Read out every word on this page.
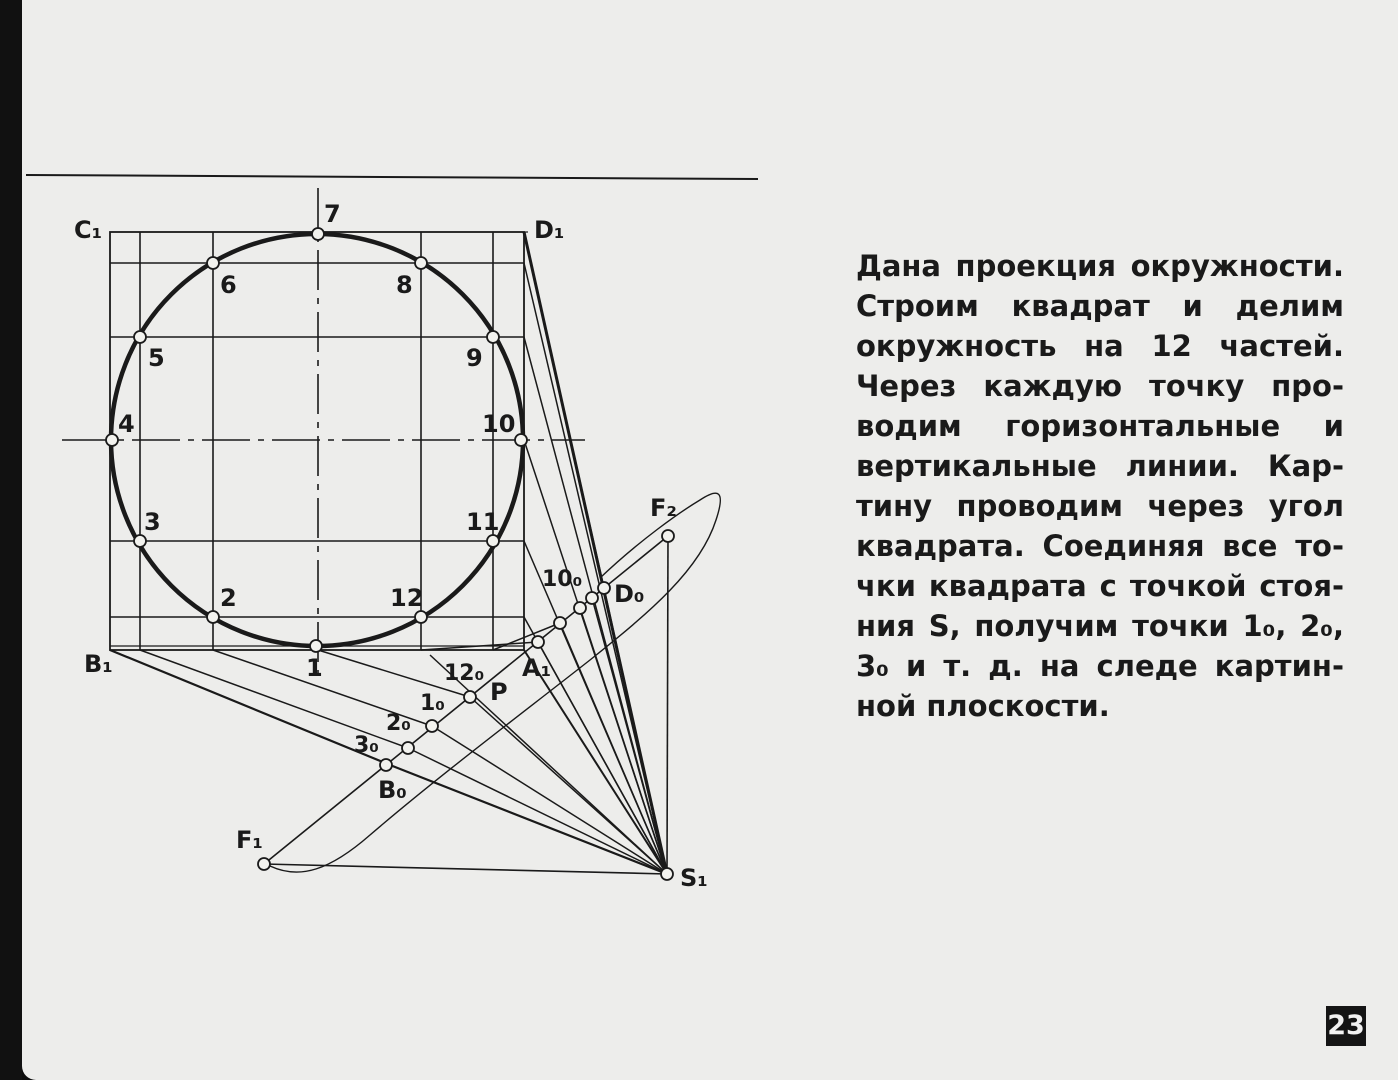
1
2
3
4
5
6
7
8
9
10
11
12
C₁	D₁
B₁	A₁
D₀
B₀
P
1₀
2₀
3₀
10₀
12₀
F₁
F₂
S₁

Дана проекция окружности.
Строим квадрат и делим
окружность на 12 частей.
Через каждую точку про-
водим горизонтальные и
вертикальные линии. Кар-
тину проводим через угол
квадрата. Соединяя все то-
чки квадрата с точкой стоя-
ния S, получим точки 1₀, 2₀,
3₀ и т. д. на следе картин-
ной плоскости.

23
